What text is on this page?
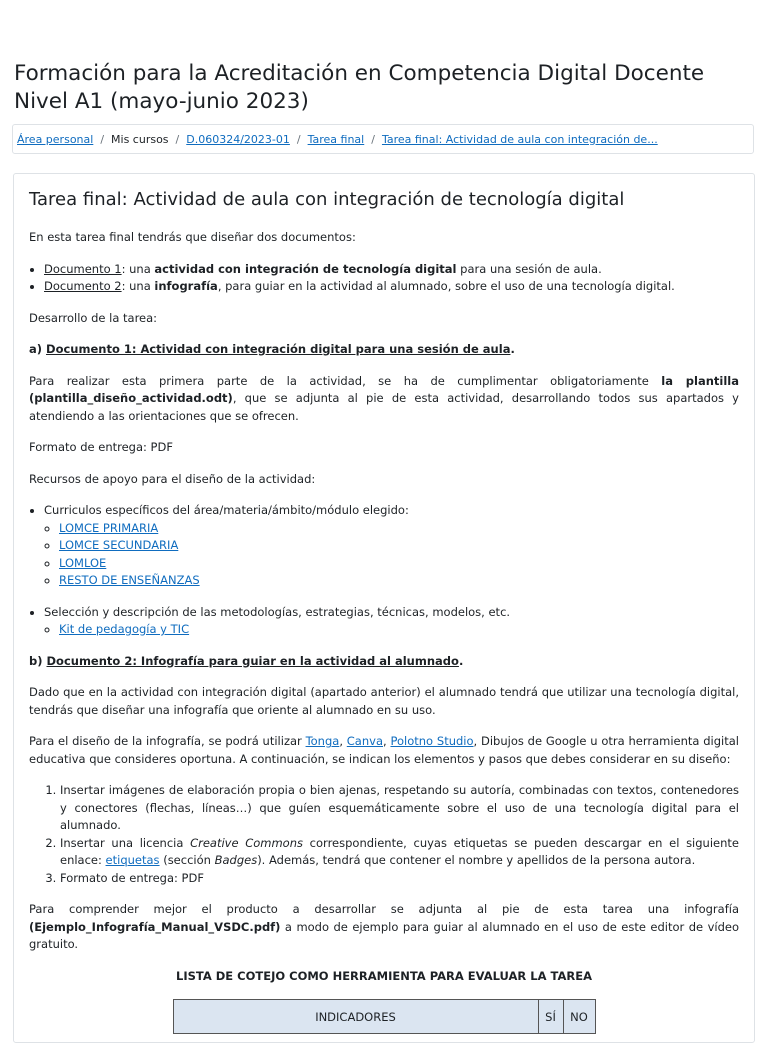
Formación para la Acreditación en Competencia Digital Docente Nivel A1 (mayo-junio 2023)
Área personal / Mis cursos / D.060324/2023-01 / Tarea final / Tarea final: Actividad de aula con integración de...
Tarea final: Actividad de aula con integración de tecnología digital

En esta tarea final tendrás que diseñar dos documentos:

• Documento 1: una actividad con integración de tecnología digital para una sesión de aula.
• Documento 2: una infografía, para guiar en la actividad al alumnado, sobre el uso de una tecnología digital.

Desarrollo de la tarea:

a) Documento 1: Actividad con integración digital para una sesión de aula.

Para realizar esta primera parte de la actividad, se ha de cumplimentar obligatoriamente la plantilla (plantilla_diseño_actividad.odt), que se adjunta al pie de esta actividad, desarrollando todos sus apartados y atendiendo a las orientaciones que se ofrecen.

Formato de entrega: PDF

Recursos de apoyo para el diseño de la actividad:

• Curriculos específicos del área/materia/ámbito/módulo elegido:
◦ LOMCE PRIMARIA
◦ LOMCE SECUNDARIA
◦ LOMLOE
◦ RESTO DE ENSEÑANZAS
• Selección y descripción de las metodologías, estrategias, técnicas, modelos, etc.
◦ Kit de pedagogía y TIC

b) Documento 2: Infografía para guiar en la actividad al alumnado.

Dado que en la actividad con integración digital (apartado anterior) el alumnado tendrá que utilizar una tecnología digital, tendrás que diseñar una infografía que oriente al alumnado en su uso.

Para el diseño de la infografía, se podrá utilizar Tonga, Canva, Polotno Studio, Dibujos de Google u otra herramienta digital educativa que consideres oportuna. A continuación, se indican los elementos y pasos que debes considerar en su diseño:

1. Insertar imágenes de elaboración propia o bien ajenas, respetando su autoría, combinadas con textos, contenedores y conectores (flechas, líneas…) que guíen esquemáticamente sobre el uso de una tecnología digital para el alumnado.
2. Insertar una licencia Creative Commons correspondiente, cuyas etiquetas se pueden descargar en el siguiente enlace: etiquetas (sección Badges). Además, tendrá que contener el nombre y apellidos de la persona autora.
3. Formato de entrega: PDF

Para comprender mejor el producto a desarrollar se adjunta al pie de esta tarea una infografía (Ejemplo_Infografía_Manual_VSDC.pdf) a modo de ejemplo para guiar al alumnado en el uso de este editor de vídeo gratuito.

LISTA DE COTEJO COMO HERRAMIENTA PARA EVALUAR LA TAREA

INDICADORES	SÍ	NO
